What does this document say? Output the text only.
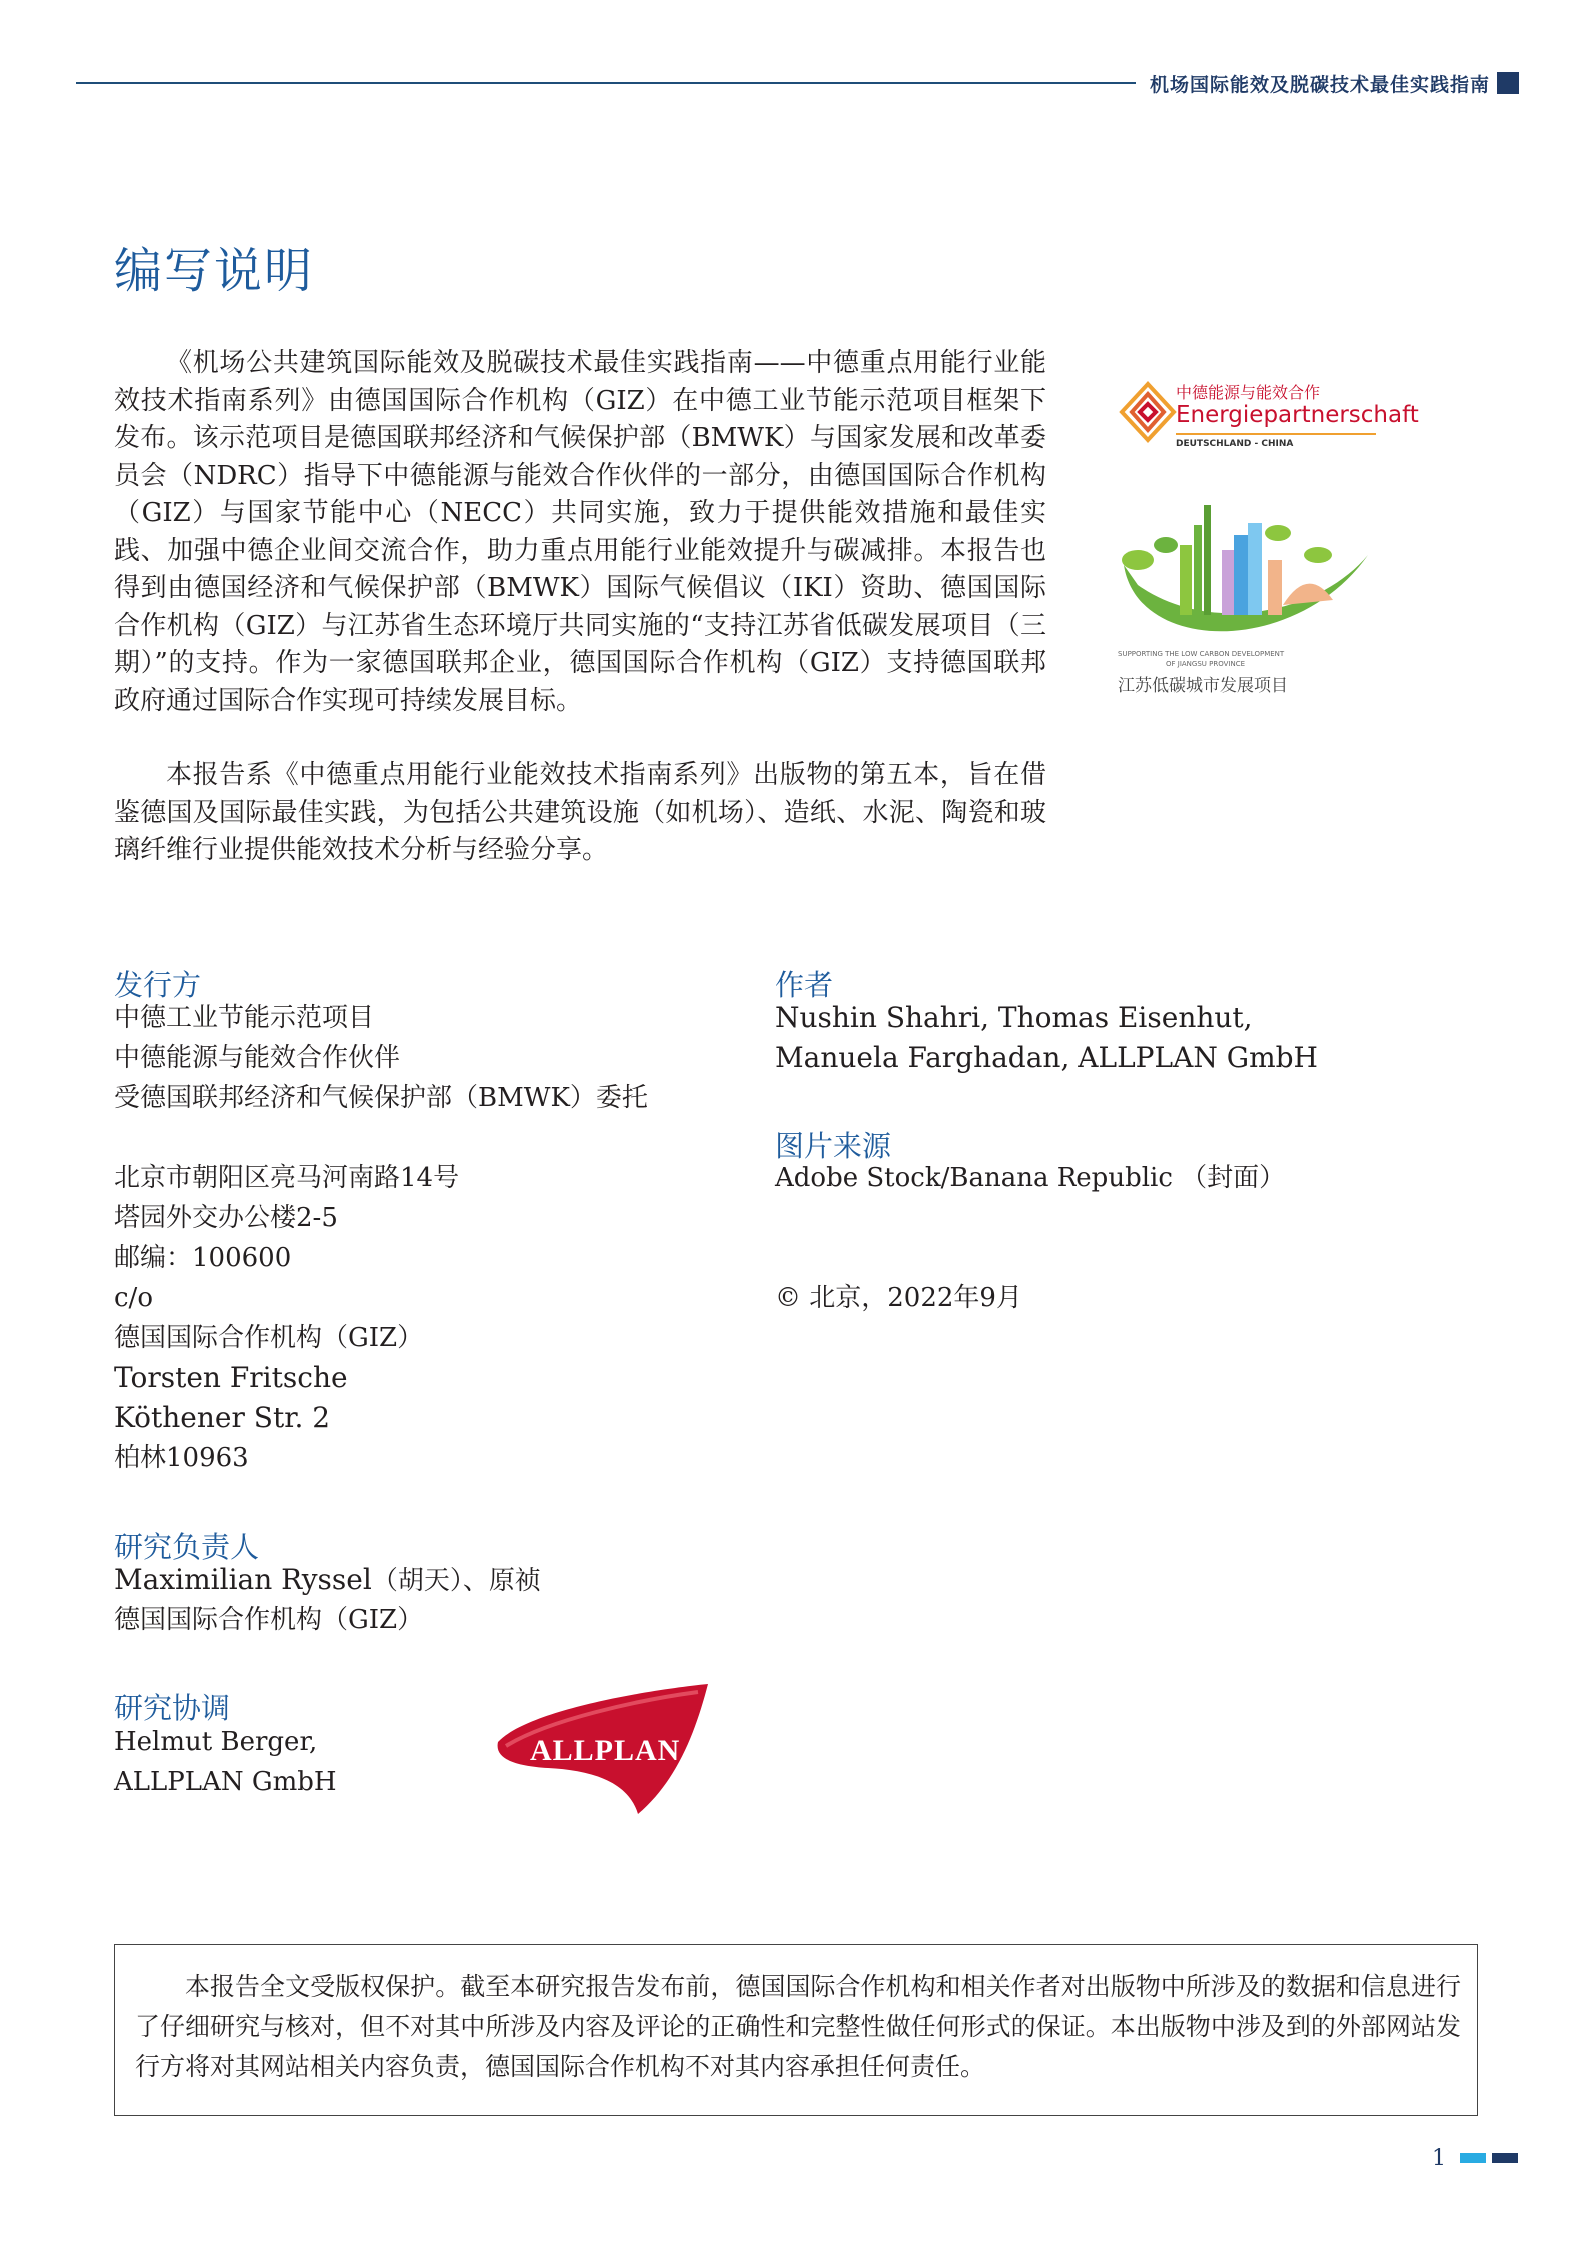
机场国际能效及脱碳技术最佳实践指南
编写说明
《机场公共建筑国际能效及脱碳技术最佳实践指南——中德重点用能行业能效技术指南系列》由德国国际合作机构（GIZ）在中德工业节能示范项目框架下发布。该示范项目是德国联邦经济和气候保护部（BMWK）与国家发展和改革委员会（NDRC）指导下中德能源与能效合作伙伴的一部分，由德国国际合作机构（GIZ）与国家节能中心（NECC）共同实施，致力于提供能效措施和最佳实践、加强中德企业间交流合作，助力重点用能行业能效提升与碳减排。本报告也得到由德国经济和气候保护部（BMWK）国际气候倡议（IKI）资助、德国国际合作机构（GIZ）与江苏省生态环境厅共同实施的“支持江苏省低碳发展项目（三期）”的支持。作为一家德国联邦企业，德国国际合作机构（GIZ）支持德国联邦政府通过国际合作实现可持续发展目标。
本报告系《中德重点用能行业能效技术指南系列》出版物的第五本，旨在借鉴德国及国际最佳实践，为包括公共建筑设施（如机场）、造纸、水泥、陶瓷和玻璃纤维行业提供能效技术分析与经验分享。
中德能源与能效合作
Energiepartnerschaft
DEUTSCHLAND - CHINA
SUPPORTING THE LOW CARBON DEVELOPMENT
OF JIANGSU PROVINCE
江苏低碳城市发展项目
发行方
中德工业节能示范项目
中德能源与能效合作伙伴
受德国联邦经济和气候保护部（BMWK）委托
北京市朝阳区亮马河南路14号
塔园外交办公楼2-5
邮编：100600
c/o
德国国际合作机构（GIZ）
Torsten Fritsche
Köthener Str. 2
柏林10963
研究负责人
Maximilian Ryssel（胡天）、原祯
德国国际合作机构（GIZ）
研究协调
Helmut Berger,
ALLPLAN GmbH
ALLPLAN
作者
Nushin Shahri, Thomas Eisenhut,
Manuela Farghadan, ALLPLAN GmbH
图片来源
Adobe Stock/Banana Republic （封面）
© 北京，2022年9月
本报告全文受版权保护。截至本研究报告发布前，德国国际合作机构和相关作者对出版物中所涉及的数据和信息进行了仔细研究与核对，但不对其中所涉及内容及评论的正确性和完整性做任何形式的保证。本出版物中涉及到的外部网站发行方将对其网站相关内容负责，德国国际合作机构不对其内容承担任何责任。
1
